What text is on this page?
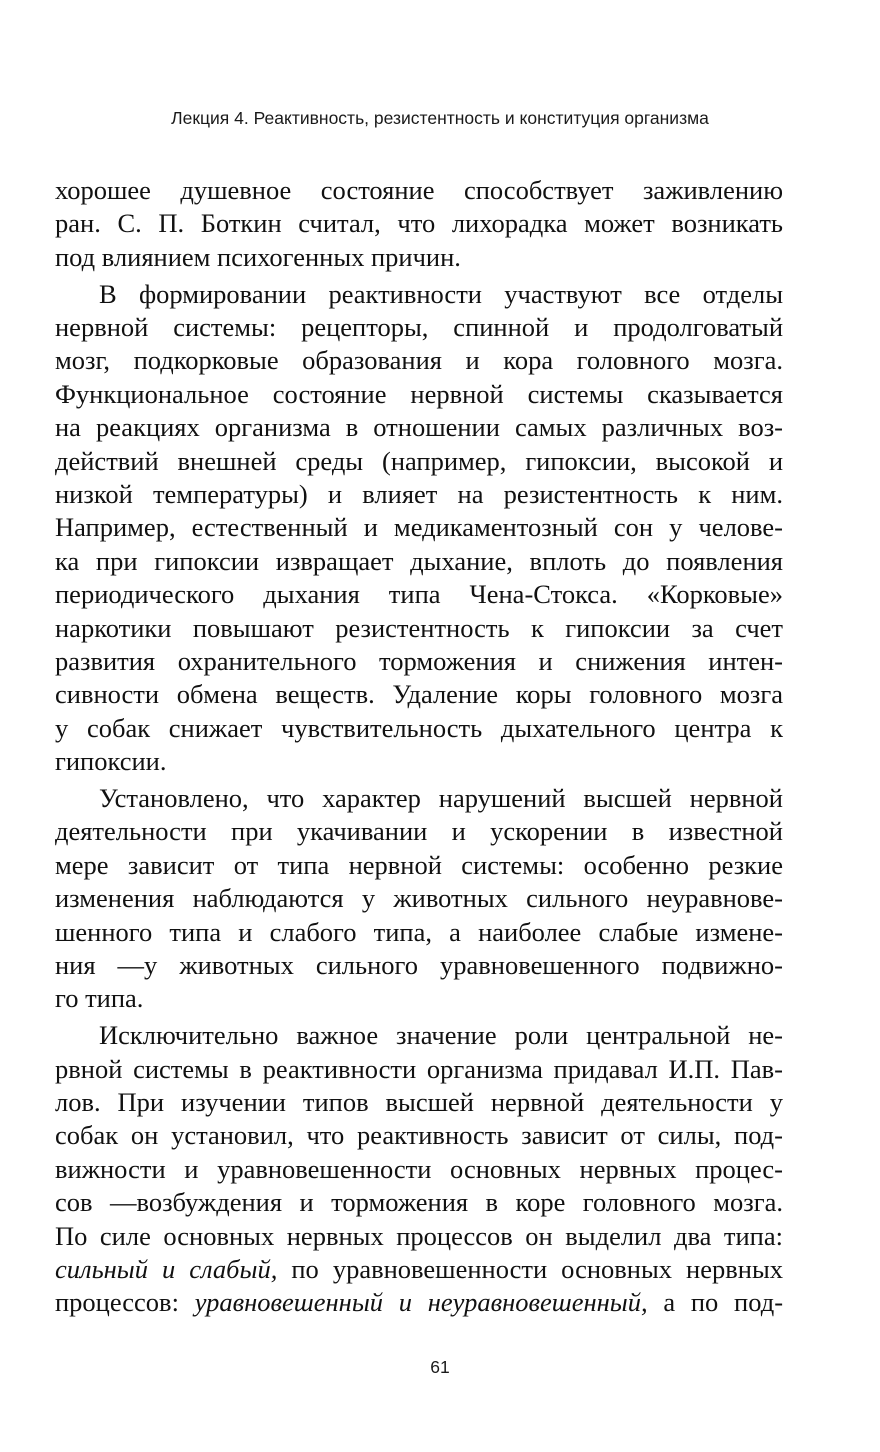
Лекция 4. Реактивность, резистентность и конституция организма
хорошее душевное состояние способствует заживлению
ран. С. П. Боткин считал, что лихорадка может возникать
под влиянием психогенных причин.
В формировании реактивности участвуют все отделы
нервной системы: рецепторы, спинной и продолговатый
мозг, подкорковые образования и кора головного мозга.
Функциональное состояние нервной системы сказывается
на реакциях организма в отношении самых различных воз-
действий внешней среды (например, гипоксии, высокой и
низкой температуры) и влияет на резистентность к ним.
Например, естественный и медикаментозный сон у челове-
ка при гипоксии извращает дыхание, вплоть до появления
периодического дыхания типа Чена-Стокса. «Корковые»
наркотики повышают резистентность к гипоксии за счет
развития охранительного торможения и снижения интен-
сивности обмена веществ. Удаление коры головного мозга
у собак снижает чувствительность дыхательного центра к
гипоксии.
Установлено, что характер нарушений высшей нервной
деятельности при укачивании и ускорении в известной
мере зависит от типа нервной системы: особенно резкие
изменения наблюдаются у животных сильного неуравнове-
шенного типа и слабого типа, а наиболее слабые измене-
ния —у животных сильного уравновешенного подвижно-
го типа.
Исключительно важное значение роли центральной не-
рвной системы в реактивности организма придавал И.П. Пав-
лов. При изучении типов высшей нервной деятельности у
собак он установил, что реактивность зависит от силы, под-
вижности и уравновешенности основных нервных процес-
сов —возбуждения и торможения в коре головного мозга.
По силе основных нервных процессов он выделил два типа:
сильный и слабый, по уравновешенности основных нервных
процессов: уравновешенный и неуравновешенный, а по под-
61
